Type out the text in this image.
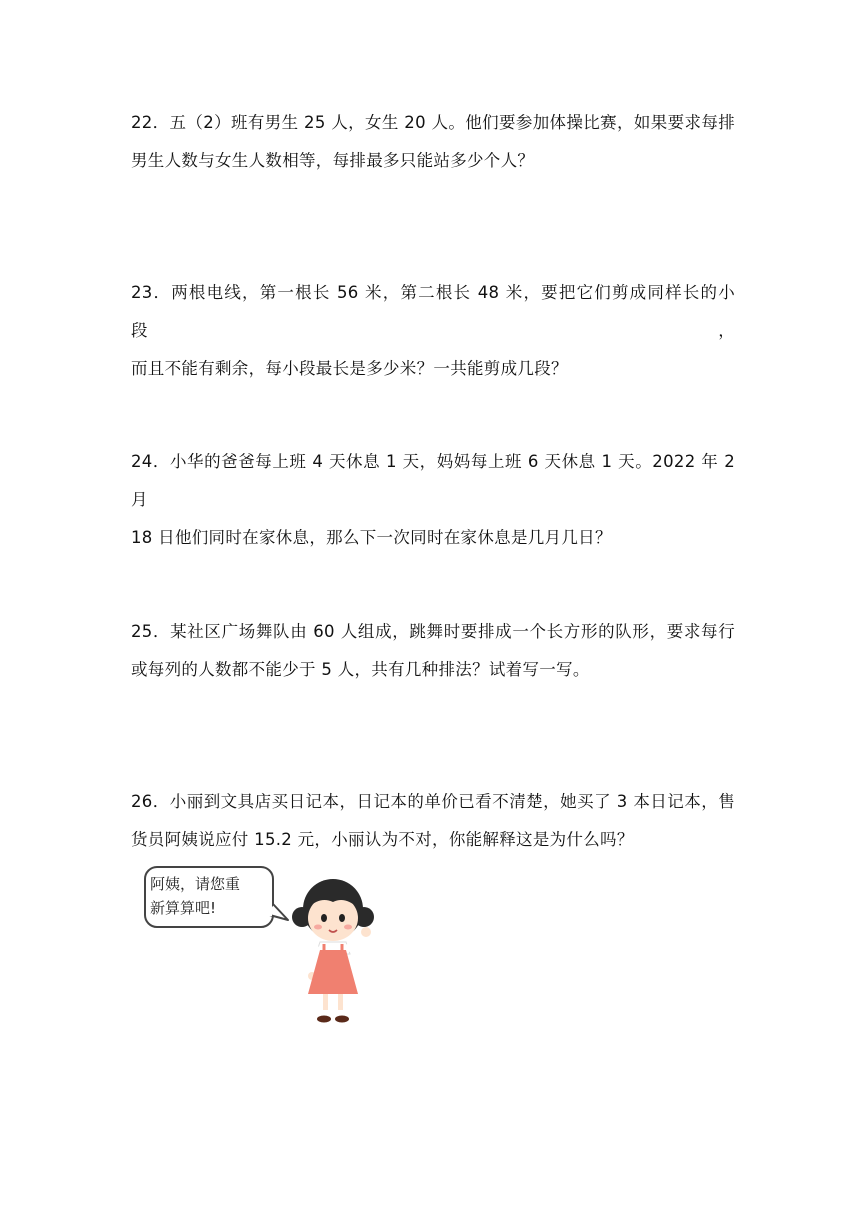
22．五（2）班有男生 25 人，女生 20 人。他们要参加体操比赛，如果要求每排
男生人数与女生人数相等，每排最多只能站多少个人？
23．两根电线，第一根长 56 米，第二根长 48 米，要把它们剪成同样长的小段，
而且不能有剩余，每小段最长是多少米？一共能剪成几段？
24．小华的爸爸每上班 4 天休息 1 天，妈妈每上班 6 天休息 1 天。2022 年 2 月
18 日他们同时在家休息，那么下一次同时在家休息是几月几日？
25．某社区广场舞队由 60 人组成，跳舞时要排成一个长方形的队形，要求每行
或每列的人数都不能少于 5 人，共有几种排法？试着写一写。
26．小丽到文具店买日记本，日记本的单价已看不清楚，她买了 3 本日记本，售
货员阿姨说应付 15.2 元，小丽认为不对，你能解释这是为什么吗？
阿姨，请您重
新算算吧!
